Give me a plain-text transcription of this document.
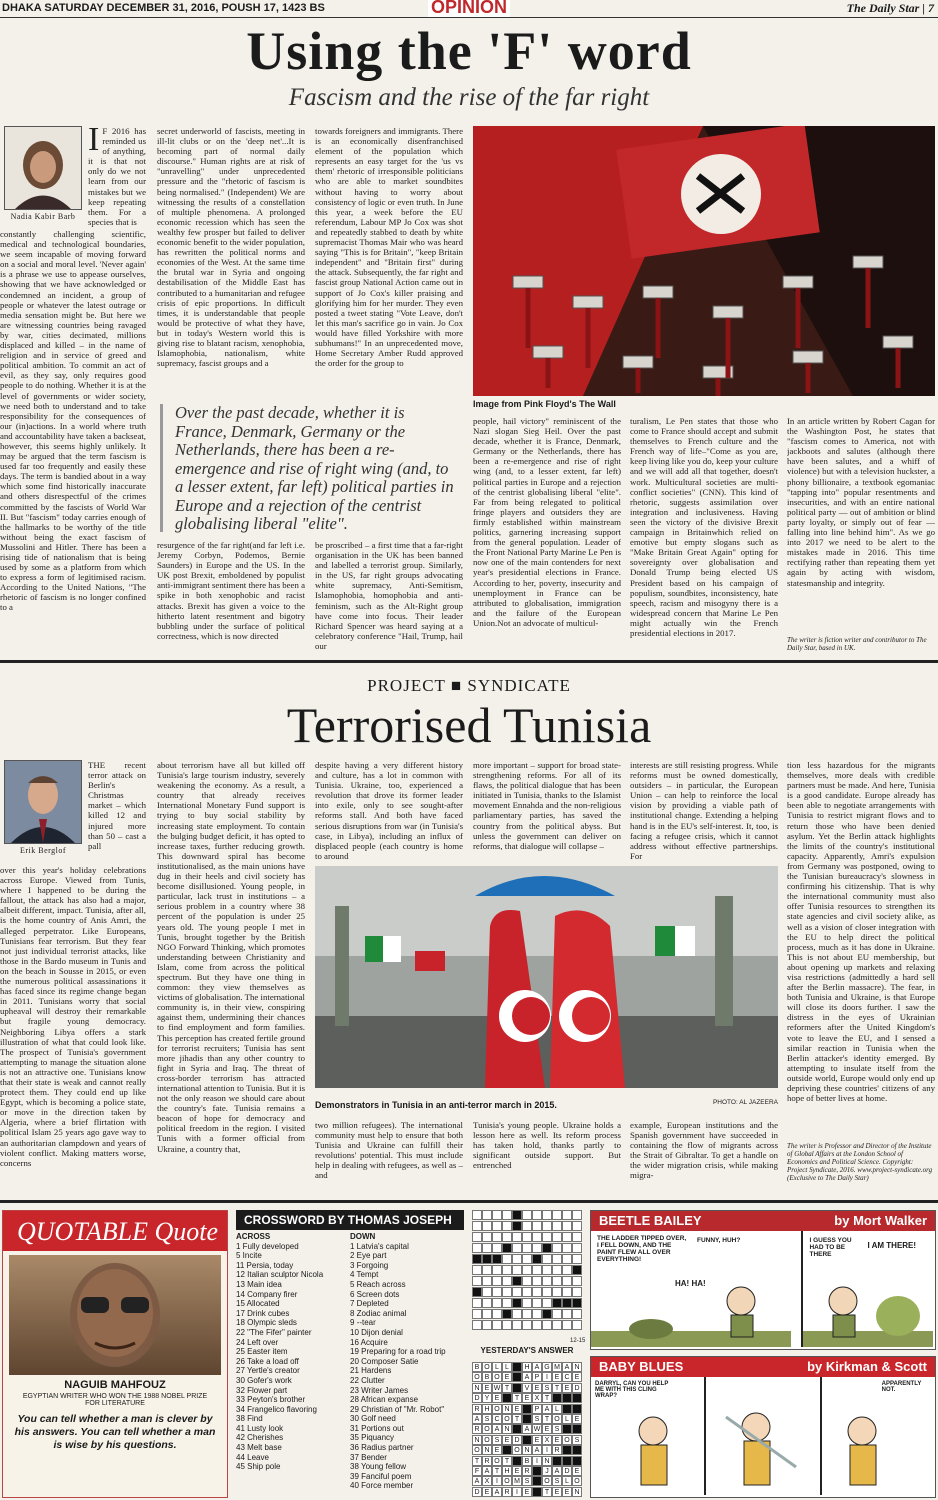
DHAKA SATURDAY DECEMBER 31, 2016, POUSH 17, 1423 BS	OPINION	The Daily Star | 7
Using the 'F' word
Fascism and the rise of the far right
Nadia Kabir Barb
I F 2016 has reminded us of anything, it is that not only do we not learn from our mistakes but we keep repeating them. For a species that is
constantly challenging scientific, medical and technological boundaries, we seem incapable of moving forward on a social and moral level. 'Never again' is a phrase we use to appease ourselves, showing that we have acknowledged or condemned an incident, a group of people or whatever the latest outrage or media sensation might be. But here we are witnessing countries being ravaged by war, cities decimated, millions displaced and killed – in the name of religion and in service of greed and political ambition. To commit an act of evil, as they say, only requires good people to do nothing. Whether it is at the level of governments or wider society, we need both to understand and to take responsibility for the consequences of our (in)actions. In a world where truth and accountability have taken a backseat, however, this seems highly unlikely. It may be argued that the term fascism is used far too frequently and easily these days. The term is bandied about in a way which some find historically inaccurate and others disrespectful of the crimes committed by the fascists of World War II. But "fascism" today carries enough of the hallmarks to be worthy of the title without being the exact fascism of Mussolini and Hitler. There has been a rising tide of nationalism that is being used by some as a platform from which to express a form of legitimised racism. According to the United Nations, "The rhetoric of fascism is no longer confined to a
secret underworld of fascists, meeting in ill-lit clubs or on the 'deep net'...It is becoming part of normal daily discourse." Human rights are at risk of "unravelling" under unprecedented pressure and the "rhetoric of fascism is being normalised." (Independent) We are witnessing the results of a constellation of multiple phenomena. A prolonged economic recession which has seen the wealthy few prosper but failed to deliver economic benefit to the wider population, has rewritten the political norms and economies of the West. At the same time the brutal war in Syria and ongoing destabilisation of the Middle East has contributed to a humanitarian and refugee crisis of epic proportions. In difficult times, it is understandable that people would be protective of what they have, but in today's Western world this is giving rise to blatant racism, xenophobia, Islamophobia, nationalism, white supremacy, fascist groups and a
towards foreigners and immigrants. There is an economically disenfranchised element of the population which represents an easy target for the 'us vs them' rhetoric of irresponsible politicians who are able to market soundbites without having to worry about consistency of logic or even truth. In June this year, a week before the EU referendum, Labour MP Jo Cox was shot and repeatedly stabbed to death by white supremacist Thomas Mair who was heard saying "This is for Britain", "keep Britain independent" and "Britain first" during the attack. Subsequently, the far right and fascist group National Action came out in support of Jo Cox's killer praising and glorifying him for her murder. They even posted a tweet stating "Vote Leave, don't let this man's sacrifice go in vain. Jo Cox would have filled Yorkshire with more subhumans!" In an unprecedented move, Home Secretary Amber Rudd approved the order for the group to
Over the past decade, whether it is France, Denmark, Germany or the Netherlands, there has been a re-emergence and rise of right wing (and, to a lesser extent, far left) political parties in Europe and a rejection of the centrist globalising liberal "elite".
resurgence of the far right(and far left i.e. Jeremy Corbyn, Podemos, Bernie Saunders) in Europe and the US. In the UK post Brexit, emboldened by populist anti-immigrant sentiment there has been a spike in both xenophobic and racist attacks. Brexit has given a voice to the hitherto latent resentment and bigotry bubbling under the surface of political correctness, which is now directed
be proscribed – a first time that a far-right organisation in the UK has been banned and labelled a terrorist group. Similarly, in the US, far right groups advocating white supremacy, Anti-Semitism, Islamophobia, homophobia and anti-feminism, such as the Alt-Right group have come into focus. Their leader Richard Spencer was heard saying at a celebratory conference "Hail, Trump, hail our
Image from Pink Floyd's The Wall
people, hail victory" reminiscent of the Nazi slogan Sieg Heil. Over the past decade, whether it is France, Denmark, Germany or the Netherlands, there has been a re-emergence and rise of right wing (and, to a lesser extent, far left) political parties in Europe and a rejection of the centrist globalising liberal "elite". Far from being relegated to political fringe players and outsiders they are firmly established within mainstream politics, garnering increasing support from the general population. Leader of the Front National Party Marine Le Pen is now one of the main contenders for next year's presidential elections in France. According to her, poverty, insecurity and unemployment in France can be attributed to globalisation, immigration and the failure of the European Union.Not an advocate of multicul-
turalism, Le Pen states that those who come to France should accept and submit themselves to French culture and the French way of life–"Come as you are, keep living like you do, keep your culture and we will add all that together, doesn't work. Multicultural societies are multi-conflict societies" (CNN). This kind of rhetoric, suggests assimilation over integration and inclusiveness. Having seen the victory of the divisive Brexit campaign in Britainwhich relied on emotive but empty slogans such as "Make Britain Great Again" opting for sovereignty over globalisation and Donald Trump being elected US President based on his campaign of populism, soundbites, inconsistency, hate speech, racism and misogyny there is a widespread concern that Marine Le Pen might actually win the French presidential elections in 2017.
In an article written by Robert Cagan for the Washington Post, he states that "fascism comes to America, not with jackboots and salutes (although there have been salutes, and a whiff of violence) but with a television huckster, a phony billionaire, a textbook egomaniac "tapping into" popular resentments and insecurities, and with an entire national political party — out of ambition or blind party loyalty, or simply out of fear — falling into line behind him". As we go into 2017 we need to be alert to the mistakes made in 2016. This time rectifying rather than repeating them yet again by acting with wisdom, statesmanship and integrity.
The writer is fiction writer and contributor to The Daily Star, based in UK.
PROJECT ■ SYNDICATE
Terrorised Tunisia
Erik Berglof
THE recent terror attack on Berlin's Christmas market – which killed 12 and injured more than 50 – cast a pall
over this year's holiday celebrations across Europe. Viewed from Tunis, where I happened to be during the fallout, the attack has also had a major, albeit different, impact. Tunisia, after all, is the home country of Anis Amri, the alleged perpetrator. Like Europeans, Tunisians fear terrorism. But they fear not just individual terrorist attacks, like those in the Bardo museum in Tunis and on the beach in Sousse in 2015, or even the numerous political assassinations it has faced since its regime change began in 2011. Tunisians worry that social upheaval will destroy their remarkable but fragile young democracy. Neighboring Libya offers a stark illustration of what that could look like. The prospect of Tunisia's government attempting to manage the situation alone is not an attractive one. Tunisians know that their state is weak and cannot really protect them. They could end up like Egypt, which is becoming a police state, or move in the direction taken by Algeria, where a brief flirtation with political Islam 25 years ago gave way to an authoritarian clampdown and years of violent conflict. Making matters worse, concerns
about terrorism have all but killed off Tunisia's large tourism industry, severely weakening the economy. As a result, a country that already receives International Monetary Fund support is trying to buy social stability by increasing state employment. To contain the bulging budget deficit, it has opted to increase taxes, further reducing growth. This downward spiral has become institutionalised, as the main unions have dug in their heels and civil society has become disillusioned. Young people, in particular, lack trust in institutions – a serious problem in a country where 38 percent of the population is under 25 years old. The young people I met in Tunis, brought together by the British NGO Forward Thinking, which promotes understanding between Christianity and Islam, come from across the political spectrum. But they have one thing in common: they view themselves as victims of globalisation. The international community is, in their view, conspiring against them, undermining their chances to find employment and form families. This perception has created fertile ground for terrorist recruiters; Tunisia has sent more jihadis than any other country to fight in Syria and Iraq. The threat of cross-border terrorism has attracted international attention to Tunisia. But it is not the only reason we should care about the country's fate. Tunisia remains a beacon of hope for democracy and political freedom in the region. I visited Tunis with a former official from Ukraine, a country that,
despite having a very different history and culture, has a lot in common with Tunisia. Ukraine, too, experienced a revolution that drove its former leader into exile, only to see sought-after reforms stall. And both have faced serious disruptions from war (in Tunisia's case, in Libya), including an influx of displaced people (each country is home to around
more important – support for broad state-strengthening reforms. For all of its flaws, the political dialogue that has been initiated in Tunisia, thanks to the Islamist movement Ennahda and the non-religious parliamentary parties, has saved the country from the political abyss. But unless the government can deliver on reforms, that dialogue will collapse –
interests are still resisting progress. While reforms must be owned domestically, outsiders – in particular, the European Union – can help to reinforce the local vision by providing a viable path of institutional change. Extending a helping hand is in the EU's self-interest. It, too, is facing a refugee crisis, which it cannot address without effective partnerships. For
tion less hazardous for the migrants themselves, more deals with credible partners must be made. And here, Tunisia is a good candidate. Europe already has been able to negotiate arrangements with Tunisia to restrict migrant flows and to return those who have been denied asylum. Yet the Berlin attack highlights the limits of the country's institutional capacity. Apparently, Amri's expulsion from Germany was postponed, owing to the Tunisian bureaucracy's slowness in confirming his citizenship. That is why the international community must also offer Tunisia resources to strengthen its state agencies and civil society alike, as well as a vision of closer integration with the EU to help direct the political process, much as it has done in Ukraine. This is not about EU membership, but about opening up markets and relaxing visa restrictions (admittedly a hard sell after the Berlin massacre). The fear, in both Tunisia and Ukraine, is that Europe will close its doors further. I saw the distress in the eyes of Ukrainian reformers after the United Kingdom's vote to leave the EU, and I sensed a similar reaction in Tunisia when the Berlin attacker's identity emerged. By attempting to insulate itself from the outside world, Europe would only end up depriving these countries' citizens of any hope of better lives at home.
Demonstrators in Tunisia in an anti-terror march in 2015.	PHOTO: AL JAZEERA
two million refugees). The international community must help to ensure that both Tunisia and Ukraine can fulfill their revolutions' potential. This must include help in dealing with refugees, as well as – and
Tunisia's young people. Ukraine holds a lesson here as well. Its reform process has taken hold, thanks partly to significant outside support. But entrenched
example, European institutions and the Spanish government have succeeded in containing the flow of migrants across the Strait of Gibraltar. To get a handle on the wider migration crisis, while making migra-
The writer is Professor and Director of the Institute of Global Affairs at the London School of Economics and Political Science. Copyright: Project Syndicate, 2016. www.project-syndicate.org (Exclusive to The Daily Star)
QUOTABLE Quote
NAGUIB MAHFOUZ
EGYPTIAN WRITER WHO WON THE 1988 NOBEL PRIZE FOR LITERATURE
You can tell whether a man is clever by his answers. You can tell whether a man is wise by his questions.
CROSSWORD BY THOMAS JOSEPH
ACROSS
1 Fully developed
5 Incite
11 Persia, today
12 Italian sculptor Nicola
13 Main idea
14 Company firer
15 Allocated
17 Drink cubes
18 Olympic sleds
22 "The Fifer" painter
24 Left over
25 Easter item
26 Take a load off
27 Yertle's creator
30 Gofer's work
32 Flower part
33 Peyton's brother
34 Frangelico flavoring
38 Find
41 Lusty look
42 Cherishes
43 Melt base
44 Leave
45 Ship pole
DOWN
1 Latvia's capital
2 Eye part
3 Forgoing
4 Tempt
5 Reach across
6 Screen dots
7 Depleted
8 Zodiac animal
9 --tear
10 Dijon denial
16 Acquire
19 Preparing for a road trip
20 Composer Satie
21 Hardens
22 Clutter
23 Writer James
28 African expanse
29 Christian of "Mr. Robot"
30 Golf need
31 Portions out
35 Piquancy
36 Radius partner
37 Bender
38 Young fellow
39 Fanciful poem
40 Force member
12-15
YESTERDAY'S ANSWER
B O L L	H A G M A N
O B O E	A P I E C E
N E W T	V E S T E D
D Y E	T E X T
R H O N E	P A L
A S C O T	S T O L E
R O A N	A W E S
N O S E D	E X E O S
O N E	O N A I R
T R O T	B I N
F A T H E R	J A D E
A X I O M S	O S L O
D E A R I E	T E E N
BEETLE BAILEY	by Mort Walker
THE LADDER TIPPED OVER, I FELL DOWN, AND THE PAINT FLEW ALL OVER EVERYTHING!
FUNNY, HUH?
HA! HA!
I GUESS YOU HAD TO BE THERE
I AM THERE!
BABY BLUES	by Kirkman & Scott
DARRYL, CAN YOU HELP ME WITH THIS CLING WRAP?
APPARENTLY NOT.
